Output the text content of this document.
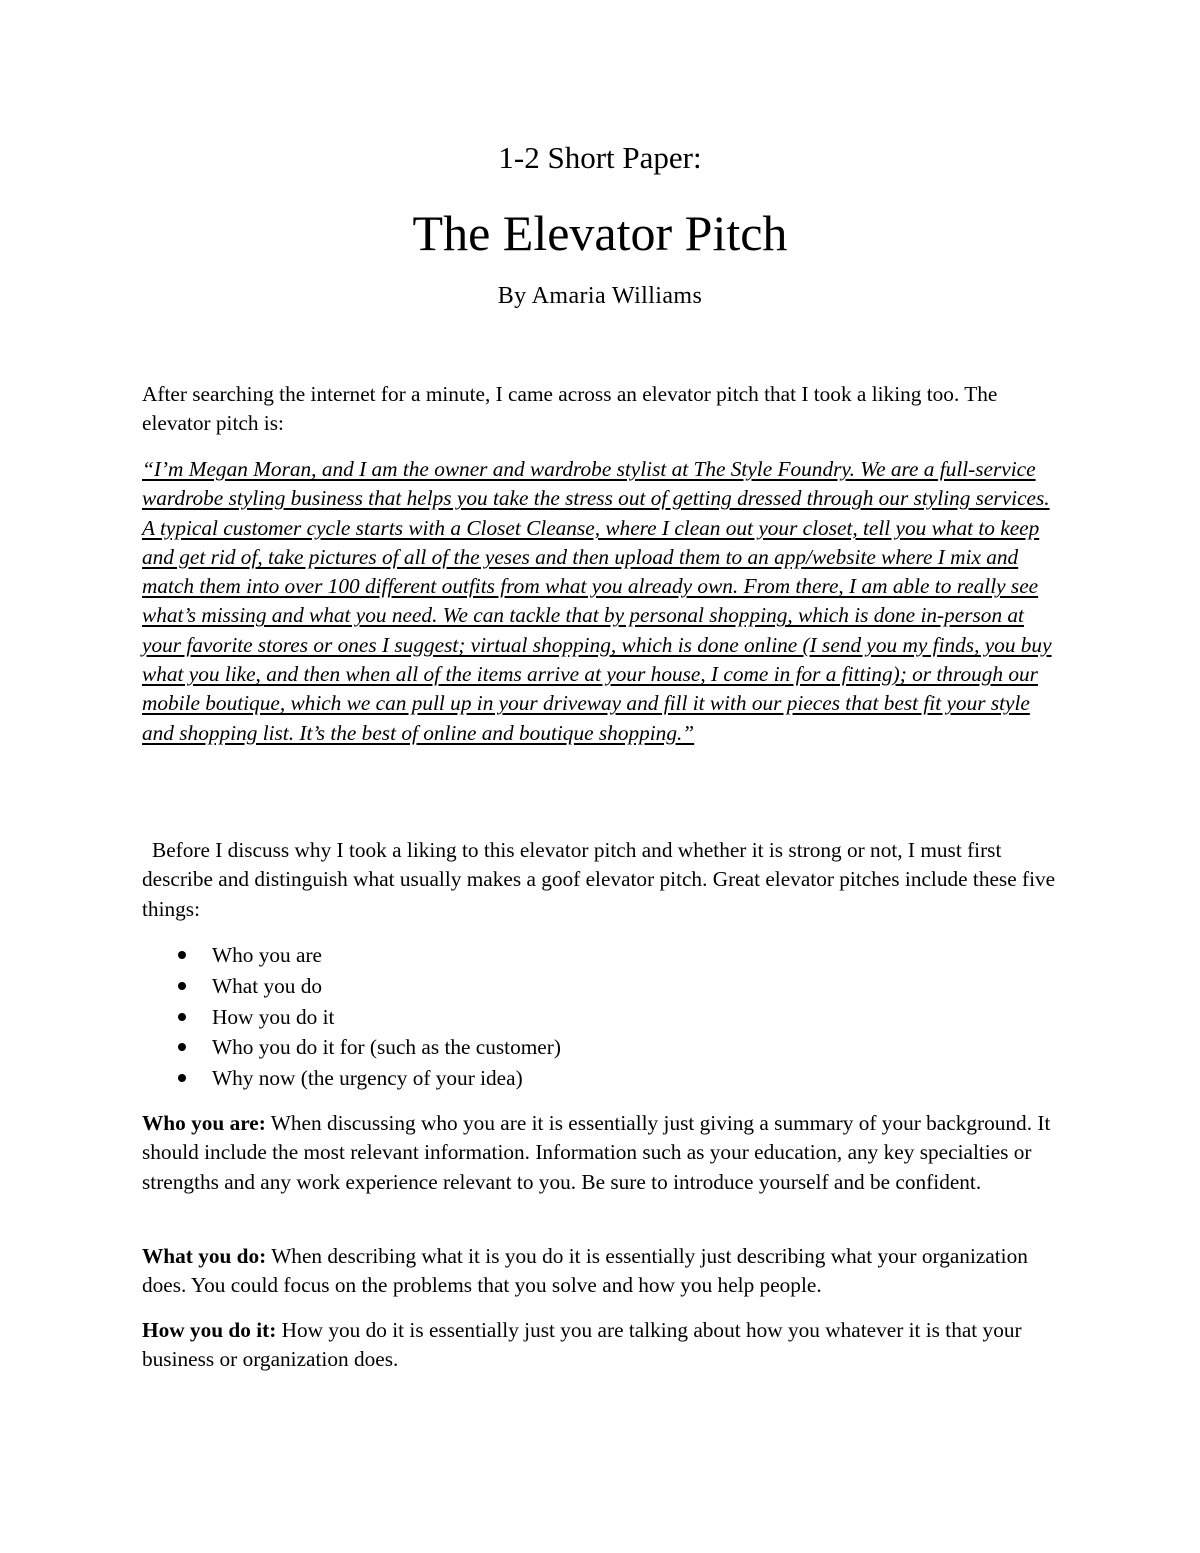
1-2 Short Paper:
The Elevator Pitch

By Amaria Williams

After searching the internet for a minute, I came across an elevator pitch that I took a liking too. The elevator pitch is:

“I’m Megan Moran, and I am the owner and wardrobe stylist at The Style Foundry. We are a full-service wardrobe styling business that helps you take the stress out of getting dressed through our styling services. A typical customer cycle starts with a Closet Cleanse, where I clean out your closet, tell you what to keep and get rid of, take pictures of all of the yeses and then upload them to an app/website where I mix and match them into over 100 different outfits from what you already own. From there, I am able to really see what’s missing and what you need. We can tackle that by personal shopping, which is done in-person at your favorite stores or ones I suggest; virtual shopping, which is done online (I send you my finds, you buy what you like, and then when all of the items arrive at your house, I come in for a fitting); or through our mobile boutique, which we can pull up in your driveway and fill it with our pieces that best fit your style and shopping list. It’s the best of online and boutique shopping.”

Before I discuss why I took a liking to this elevator pitch and whether it is strong or not, I must first describe and distinguish what usually makes a goof elevator pitch. Great elevator pitches include these five things:

Who you are
What you do
How you do it
Who you do it for (such as the customer)
Why now (the urgency of your idea)

Who you are: When discussing who you are it is essentially just giving a summary of your background. It should include the most relevant information. Information such as your education, any key specialties or strengths and any work experience relevant to you. Be sure to introduce yourself and be confident.

What you do: When describing what it is you do it is essentially just describing what your organization does. You could focus on the problems that you solve and how you help people.

How you do it: How you do it is essentially just you are talking about how you whatever it is that your business or organization does.
